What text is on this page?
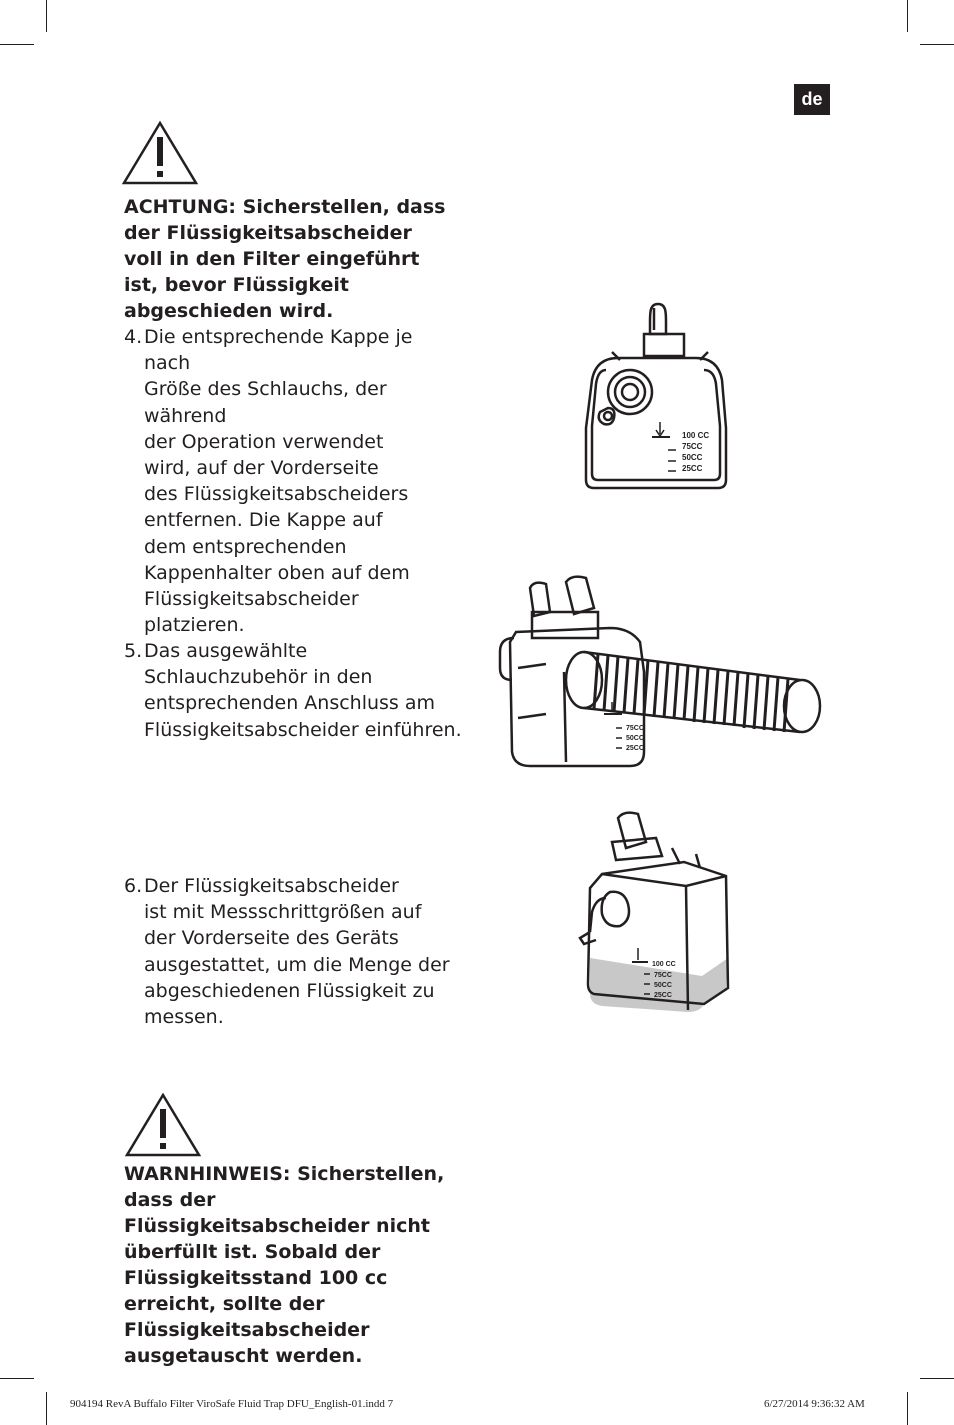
de
ACHTUNG: Sicherstellen, dass der Flüssigkeitsabscheider voll in den Filter eingeführt ist, bevor Flüssigkeit abgeschieden wird.
4. Die entsprechende Kappe je nach
Größe des Schlauchs, der während
der Operation verwendet
wird, auf der Vorderseite
des Flüssigkeitsabscheiders
entfernen. Die Kappe auf
dem entsprechenden
Kappenhalter oben auf dem
Flüssigkeitsabscheider platzieren.
100 CC
75CC
50CC
25CC
5. Das ausgewählte
Schlauchzubehör in den
entsprechenden Anschluss am
Flüssigkeitsabscheider einführen.	75CC
50CC
25CC
6. Der Flüssigkeitsabscheider
ist mit Messschrittgrößen auf
der Vorderseite des Geräts
ausgestattet, um die Menge der
abgeschiedenen Flüssigkeit zu
messen.
100 CC
75CC
50CC
25CC
WARNHINWEIS: Sicherstellen, dass der Flüssigkeitsabscheider nicht überfüllt ist. Sobald der Flüssigkeitsstand 100 cc erreicht, sollte der Flüssigkeitsabscheider ausgetauscht werden.
904194 RevA Buffalo Filter ViroSafe Fluid Trap DFU_English-01.indd 7	6/27/2014 9:36:32 AM
